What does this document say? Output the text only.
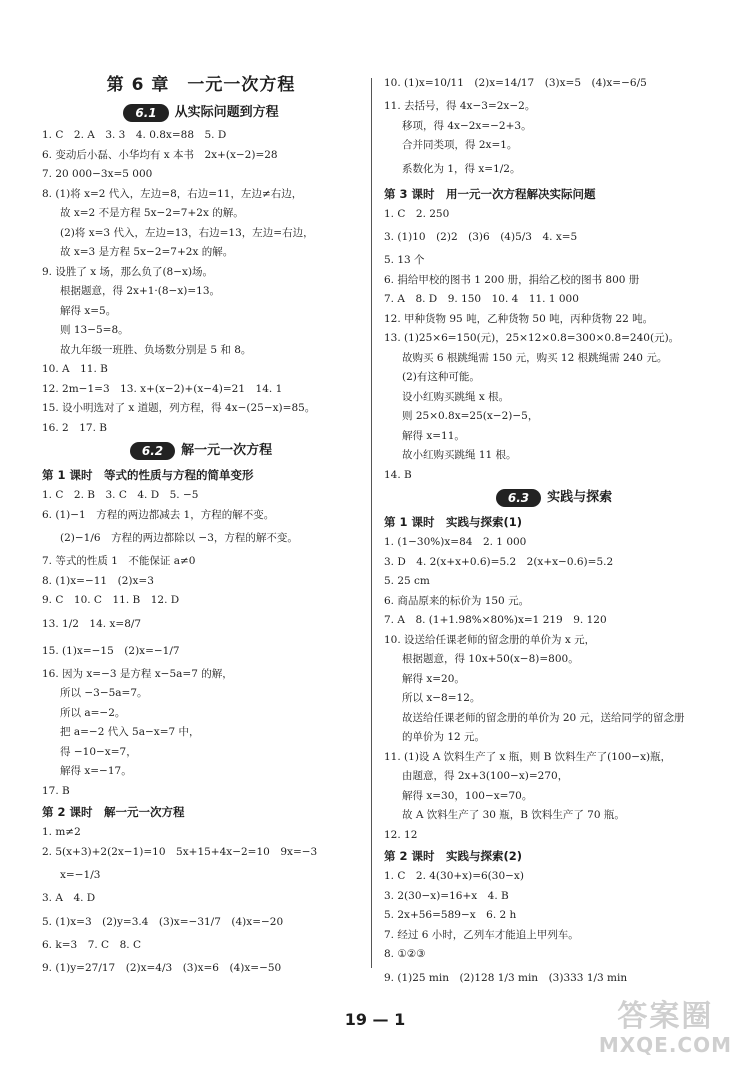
第 6 章　一元一次方程
6.1 从实际问题到方程
1. C　2. A　3. 3　4. 0.8x=88　5. D
6. 变动后小磊、小华均有 x 本书　2x+(x−2)=28
7. 20 000−3x=5 000
8. (1)将 x=2 代入，左边=8，右边=11，左边≠右边，
故 x=2 不是方程 5x−2=7+2x 的解。
(2)将 x=3 代入，左边=13，右边=13，左边=右边，
故 x=3 是方程 5x−2=7+2x 的解。
9. 设胜了 x 场，那么负了(8−x)场。
根据题意，得 2x+1·(8−x)=13。
解得 x=5。
则 13−5=8。
故九年级一班胜、负场数分别是 5 和 8。
10. A　11. B
12. 2m−1=3　13. x+(x−2)+(x−4)=21　14. 1
15. 设小明选对了 x 道题，列方程，得 4x−(25−x)=85。
16. 2　17. B
6.2 解一元一次方程
第 1 课时　等式的性质与方程的简单变形
1. C　2. B　3. C　4. D　5. −5
6. (1)−1　方程的两边都减去 1，方程的解不变。
(2)−1/6　方程的两边都除以 −3，方程的解不变。
7. 等式的性质 1　不能保证 a≠0
8. (1)x=−11　(2)x=3
9. C　10. C　11. B　12. D
13. 1/2　14. x=8/7
15. (1)x=−15　(2)x=−1/7
16. 因为 x=−3 是方程 x−5a=7 的解，
所以 −3−5a=7。
所以 a=−2。
把 a=−2 代入 5a−x=7 中，
得 −10−x=7，
解得 x=−17。
17. B
第 2 课时　解一元一次方程
1. m≠2
2. 5(x+3)+2(2x−1)=10　5x+15+4x−2=10　9x=−3
x=−1/3
3. A　4. D
5. (1)x=3　(2)y=3.4　(3)x=−31/7　(4)x=−20
6. k=3　7. C　8. C
9. (1)y=27/17　(2)x=4/3　(3)x=6　(4)x=−50
10. (1)x=10/11　(2)x=14/17　(3)x=5　(4)x=−6/5
11. 去括号，得 4x−3=2x−2。
移项，得 4x−2x=−2+3。
合并同类项，得 2x=1。
系数化为 1，得 x=1/2。
第 3 课时　用一元一次方程解决实际问题
1. C　2. 250
3. (1)10　(2)2　(3)6　(4)5/3　4. x=5
5. 13 个
6. 捐给甲校的图书 1 200 册，捐给乙校的图书 800 册
7. A　8. D　9. 150　10. 4　11. 1 000
12. 甲种货物 95 吨，乙种货物 50 吨，丙种货物 22 吨。
13. (1)25×6=150(元)，25×12×0.8=300×0.8=240(元)。
故购买 6 根跳绳需 150 元，购买 12 根跳绳需 240 元。
(2)有这种可能。
设小红购买跳绳 x 根。
则 25×0.8x=25(x−2)−5，
解得 x=11。
故小红购买跳绳 11 根。
14. B
6.3 实践与探索
第 1 课时　实践与探索(1)
1. (1−30%)x=84　2. 1 000
3. D　4. 2(x+x+0.6)=5.2　2(x+x−0.6)=5.2
5. 25 cm
6. 商品原来的标价为 150 元。
7. A　8. (1+1.98%×80%)x=1 219　9. 120
10. 设送给任课老师的留念册的单价为 x 元，
根据题意，得 10x+50(x−8)=800。
解得 x=20。
所以 x−8=12。
故送给任课老师的留念册的单价为 20 元，送给同学的留念册
的单价为 12 元。
11. (1)设 A 饮料生产了 x 瓶，则 B 饮料生产了(100−x)瓶，
由题意，得 2x+3(100−x)=270，
解得 x=30，100−x=70。
故 A 饮料生产了 30 瓶，B 饮料生产了 70 瓶。
12. 12
第 2 课时　实践与探索(2)
1. C　2. 4(30+x)=6(30−x)
3. 2(30−x)=16+x　4. B
5. 2x+56=589−x　6. 2 h
7. 经过 6 小时，乙列车才能追上甲列车。
8. ①②③
9. (1)25 min　(2)128 1/3 min　(3)333 1/3 min
19 — 1	答案圈
MXQE.COM
